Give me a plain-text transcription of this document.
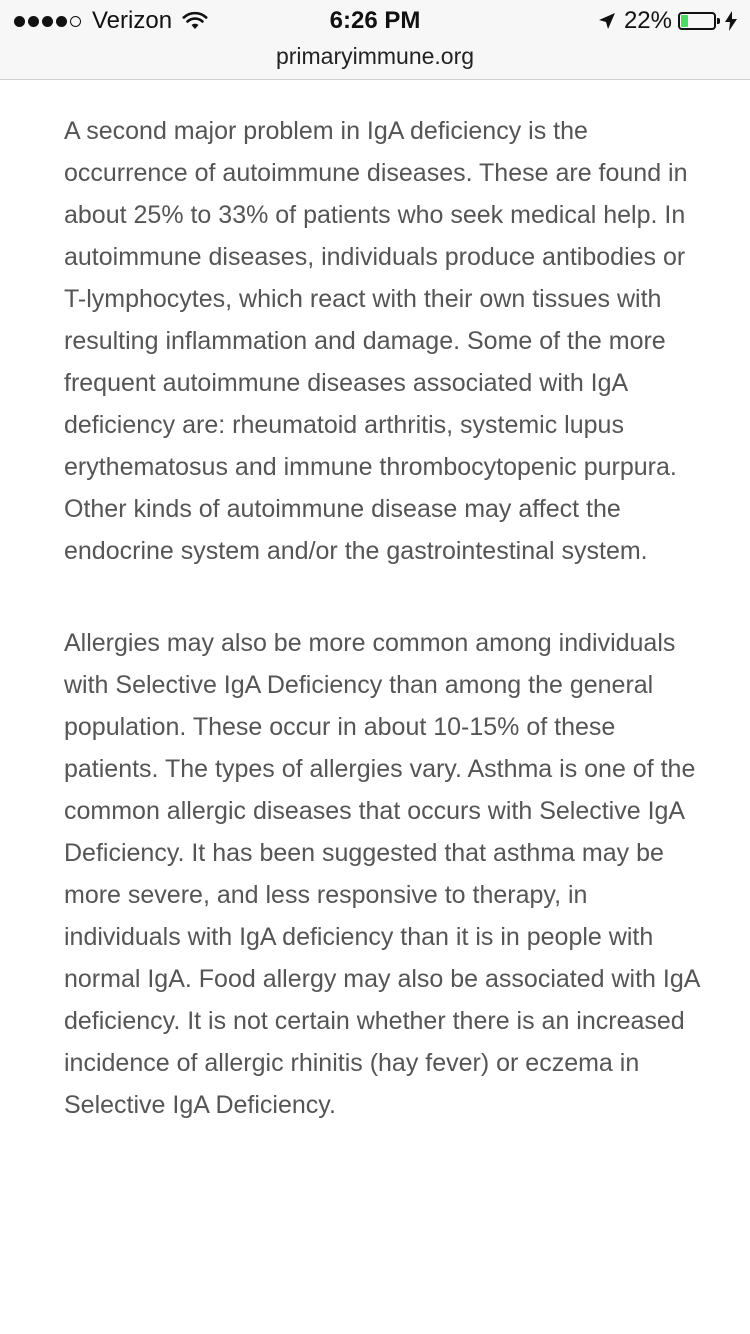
Verizon	6:26 PM	22%
primaryimmune.org

A second major problem in IgA deficiency is the occurrence of autoimmune diseases. These are found in about 25% to 33% of patients who seek medical help. In autoimmune diseases, individuals produce antibodies or T-lymphocytes, which react with their own tissues with resulting inflammation and damage. Some of the more frequent autoimmune diseases associated with IgA deficiency are: rheumatoid arthritis, systemic lupus erythematosus and immune thrombocytopenic purpura. Other kinds of autoimmune disease may affect the endocrine system and/or the gastrointestinal system.

Allergies may also be more common among individuals with Selective IgA Deficiency than among the general population. These occur in about 10-15% of these patients. The types of allergies vary. Asthma is one of the common allergic diseases that occurs with Selective IgA Deficiency. It has been suggested that asthma may be more severe, and less responsive to therapy, in individuals with IgA deficiency than it is in people with normal IgA. Food allergy may also be associated with IgA deficiency. It is not certain whether there is an increased incidence of allergic rhinitis (hay fever) or eczema in Selective IgA Deficiency.
